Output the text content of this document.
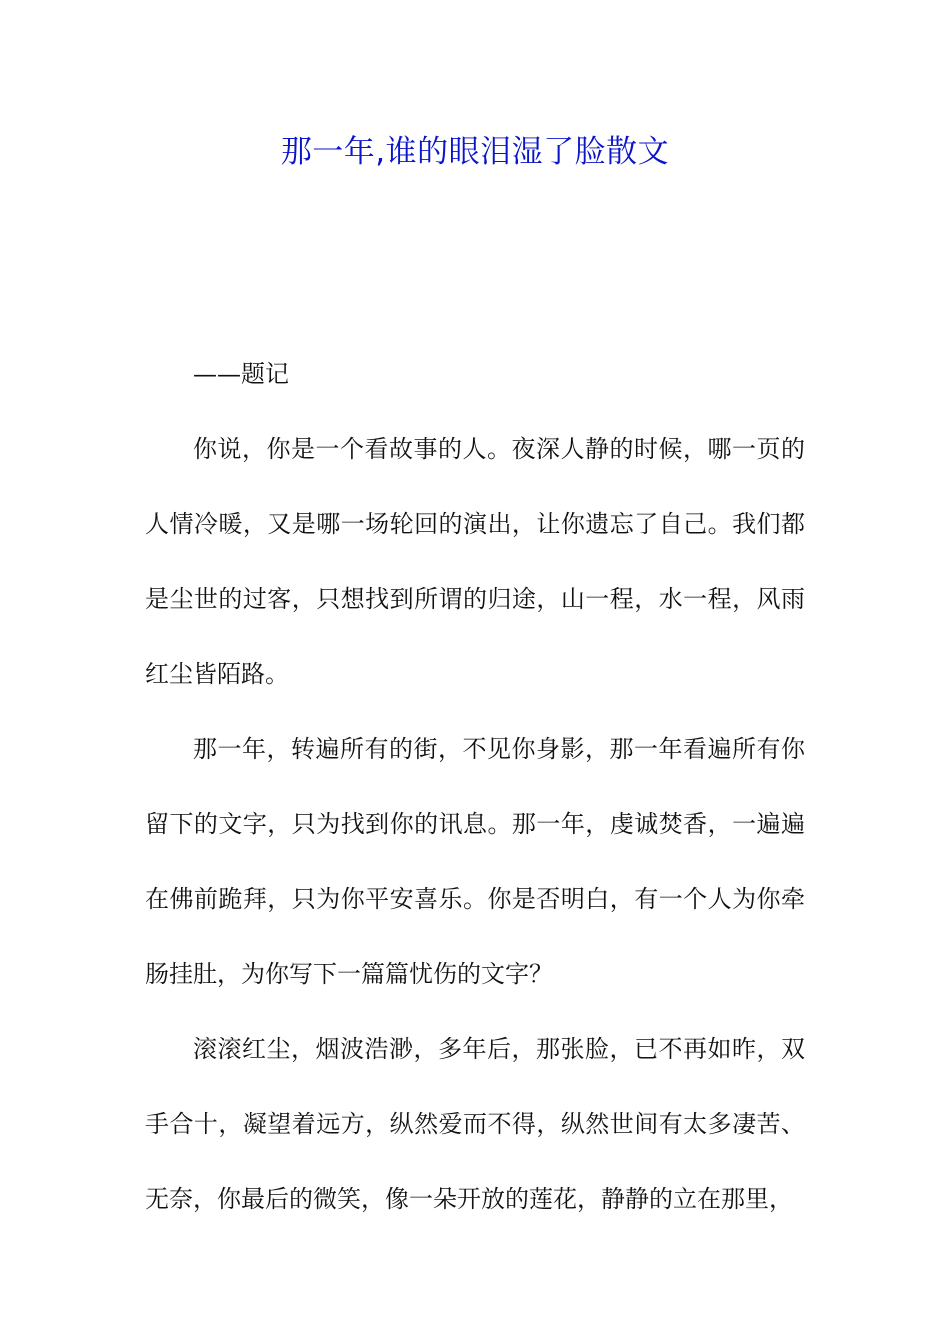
那一年,谁的眼泪湿了脸散文

——题记

你说，你是一个看故事的人。夜深人静的时候，哪一页的人情冷暖，又是哪一场轮回的演出，让你遗忘了自己。我们都是尘世的过客，只想找到所谓的归途，山一程，水一程，风雨红尘皆陌路。

那一年，转遍所有的街，不见你身影，那一年看遍所有你留下的文字，只为找到你的讯息。那一年，虔诚焚香，一遍遍在佛前跪拜，只为你平安喜乐。你是否明白，有一个人为你牵肠挂肚，为你写下一篇篇忧伤的文字？

滚滚红尘，烟波浩渺，多年后，那张脸，已不再如昨，双手合十，凝望着远方，纵然爱而不得，纵然世间有太多凄苦、无奈，你最后的微笑，像一朵开放的莲花，静静的立在那里，
